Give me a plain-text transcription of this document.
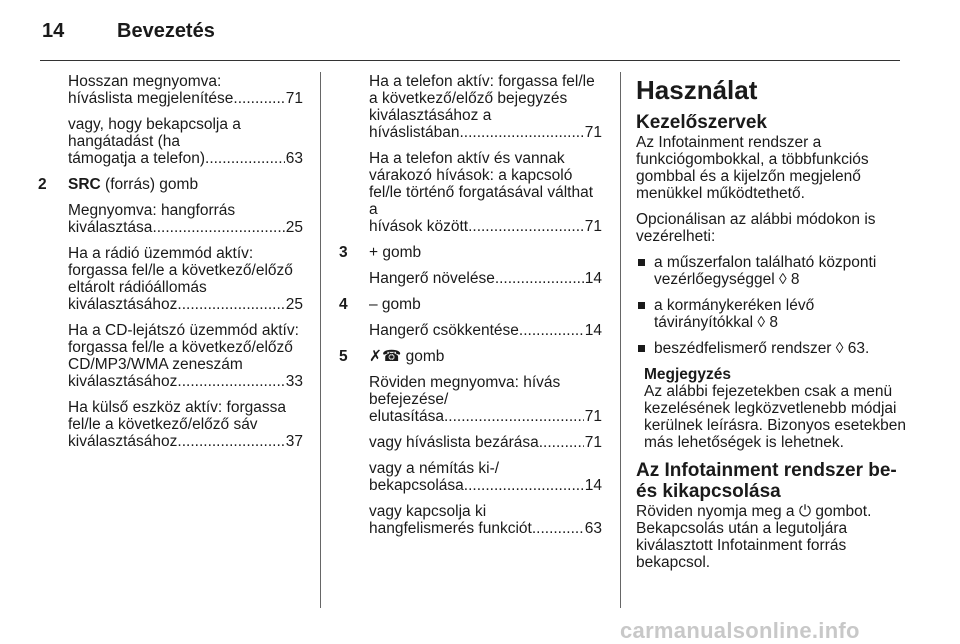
14	Bevezetés

Hosszan megnyomva:
híváslista megjelenítése .....	71

vagy, hogy bekapcsolja a hangátadást (ha
támogatja a telefon) .....	63

2 SRC (forrás) gomb

Megnyomva: hangforrás
kiválasztása .....	25

Ha a rádió üzemmód aktív: forgassa fel/le a következő/előző eltárolt rádióállomás
kiválasztásához .....	25

Ha a CD-lejátszó üzemmód aktív: forgassa fel/le a következő/előző CD/MP3/WMA zeneszám
kiválasztásához .....	33

Ha külső eszköz aktív: forgassa fel/le a következő/előző sáv
kiválasztásához .....	37

Ha a telefon aktív: forgassa fel/le a következő/előző bejegyzés kiválasztásához a
híváslistában .....	71

Ha a telefon aktív és vannak várakozó hívások: a kapcsoló fel/le történő forgatásával válthat a
hívások között .....	71

3 + gomb

Hangerő növelése .....	14

4 – gomb

Hangerő csökkentése .....	14

5 ✗☎ gomb

Röviden megnyomva: hívás befejezése/
elutasítása .....	71

vagy híváslista bezárása .....	71

vagy a némítás ki-/
bekapcsolása .....	14

vagy kapcsolja ki
hangfelismerés funkciót .....	63

Használat
Kezelőszervek

Az Infotainment rendszer a funkciógombokkal, a többfunkciós gombbal és a kijelzőn megjelenő menükkel működtethető.

Opcionálisan az alábbi módokon is vezérelheti:

a műszerfalon található központi vezérlőegységgel ◊ 8
a kormánykeréken lévő távirányítókkal ◊ 8
beszédfelismerő rendszer ◊ 63.
Megjegyzés
Az alábbi fejezetekben csak a menü kezelésének legközvetlenebb módjai kerülnek leírásra. Bizonyos esetekben más lehetőségek is lehetnek.
Az Infotainment rendszer be- és kikapcsolása

Röviden nyomja meg a ⏻ gombot. Bekapcsolás után a legutoljára kiválasztott Infotainment forrás bekapcsol.

carmanualsonline.info
